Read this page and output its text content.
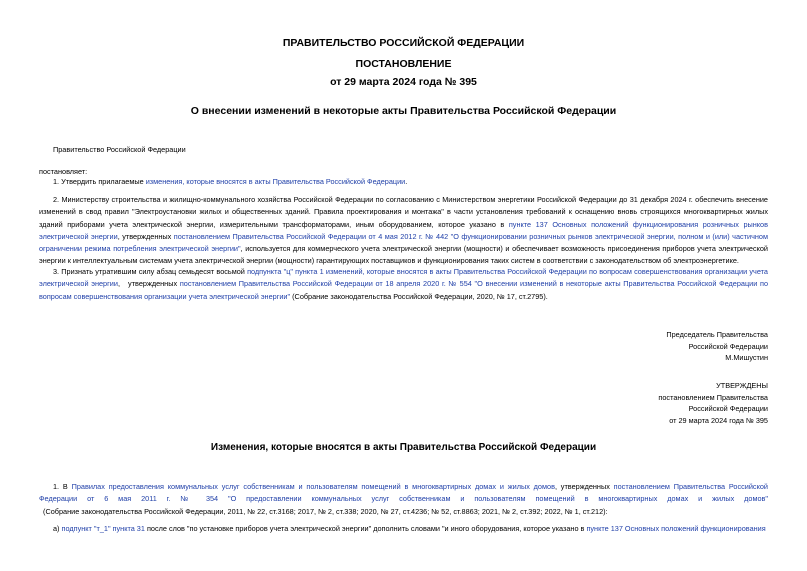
ПРАВИТЕЛЬСТВО РОССИЙСКОЙ ФЕДЕРАЦИИ
ПОСТАНОВЛЕНИЕ
от 29 марта 2024 года № 395
О внесении изменений в некоторые акты Правительства Российской Федерации
Правительство Российской Федерации
постановляет:
1. Утвердить прилагаемые изменения, которые вносятся в акты Правительства Российской Федерации.
2. Министерству строительства и жилищно-коммунального хозяйства Российской Федерации по согласованию с Министерством энергетики Российской Федерации до 31 декабря 2024 г. обеспечить внесение изменений в свод правил "Электроустановки жилых и общественных зданий. Правила проектирования и монтажа" в части установления требований к оснащению вновь строящихся многоквартирных жилых зданий приборами учета электрической энергии, измерительными трансформаторами, иным оборудованием, которое указано в пункте 137 Основных положений функционирования розничных рынков электрической энергии, утвержденных постановлением Правительства Российской Федерации от 4 мая 2012 г. № 442 "О функционировании розничных рынков электрической энергии, полном и (или) частичном ограничении режима потребления электрической энергии", используется для коммерческого учета электрической энергии (мощности) и обеспечивает возможность присоединения приборов учета электрической энергии к интеллектуальным системам учета электрической энергии (мощности) гарантирующих поставщиков и функционирования таких систем в соответствии с законодательством об электроэнергетике.
3. Признать утратившим силу абзац семьдесят восьмой подпункта "ц" пункта 1 изменений, которые вносятся в акты Правительства Российской Федерации по вопросам совершенствования организации учета электрической энергии,   утвержденных постановлением Правительства Российской Федерации от 18 апреля 2020 г. № 554 "О внесении изменений в некоторые акты Правительства Российской Федерации по вопросам совершенствования организации учета электрической энергии" (Собрание законодательства Российской Федерации, 2020, № 17, ст.2795).
Председатель Правительства
Российской Федерации
М.Мишустин
УТВЕРЖДЕНЫ
постановлением Правительства
Российской Федерации
от 29 марта 2024 года № 395
Изменения, которые вносятся в акты Правительства Российской Федерации
1. В Правилах предоставления коммунальных услуг собственникам и пользователям помещений в многоквартирных домах и жилых домов, утвержденных постановлением Правительства Российской Федерации от 6 мая 2011 г. № 354 "О предоставлении коммунальных услуг собственникам и пользователям помещений в многоквартирных домах и жилых домов"  (Собрание законодательства Российской Федерации, 2011, № 22, ст.3168; 2017, № 2, ст.338; 2020, № 27, ст.4236; № 52, ст.8863; 2021, № 2, ст.392; 2022, № 1, ст.212):
а) подпункт "т_1" пункта 31 после слов "по установке приборов учета электрической энергии" дополнить словами "и иного оборудования, которое указано в пункте 137 Основных положений функционирования
